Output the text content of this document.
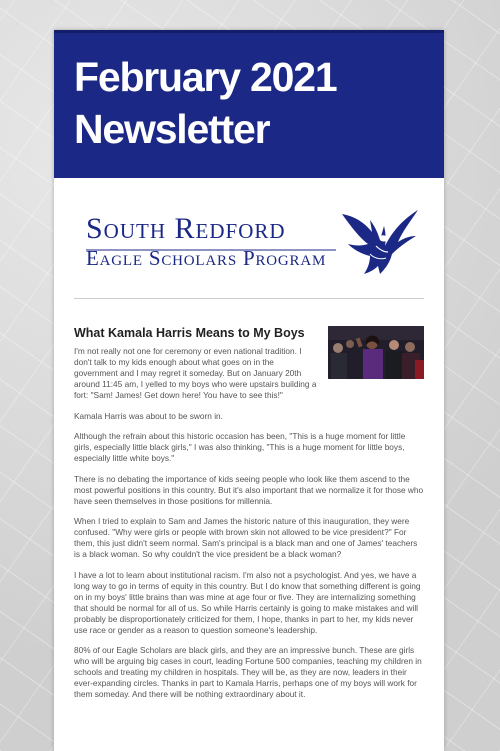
February 2021
Newsletter
South Redford
Eagle Scholars Program
What Kamala Harris Means to My Boys

I'm not really not one for ceremony or even national tradition. I don't talk to my kids enough about what goes on in the government and I may regret it someday. But on January 20th around 11:45 am, I yelled to my boys who were upstairs building a fort: "Sam! James! Get down here! You have to see this!"

Kamala Harris was about to be sworn in.

Although the refrain about this historic occasion has been, "This is a huge moment for little girls, especially little black girls," I was also thinking, "This is a huge moment for little boys, especially little white boys."

There is no debating the importance of kids seeing people who look like them ascend to the most powerful positions in this country. But it's also important that we normalize it for those who have seen themselves in those positions for millennia.

When I tried to explain to Sam and James the historic nature of this inauguration, they were confused. "Why were girls or people with brown skin not allowed to be vice president?" For them, this just didn't seem normal. Sam's principal is a black man and one of James' teachers is a black woman. So why couldn't the vice president be a black woman?

I have a lot to learn about institutional racism. I'm also not a psychologist. And yes, we have a long way to go in terms of equity in this country. But I do know that something different is going on in my boys' little brains than was mine at age four or five. They are internalizing something that should be normal for all of us. So while Harris certainly is going to make mistakes and will probably be disproportionately criticized for them, I hope, thanks in part to her, my kids never use race or gender as a reason to question someone's leadership.

80% of our Eagle Scholars are black girls, and they are an impressive bunch. These are girls who will be arguing big cases in court, leading Fortune 500 companies, teaching my children in schools and treating my children in hospitals. They will be, as they are now, leaders in their ever-expanding circles. Thanks in part to Kamala Harris, perhaps one of my boys will work for them someday. And there will be nothing extraordinary about it.
